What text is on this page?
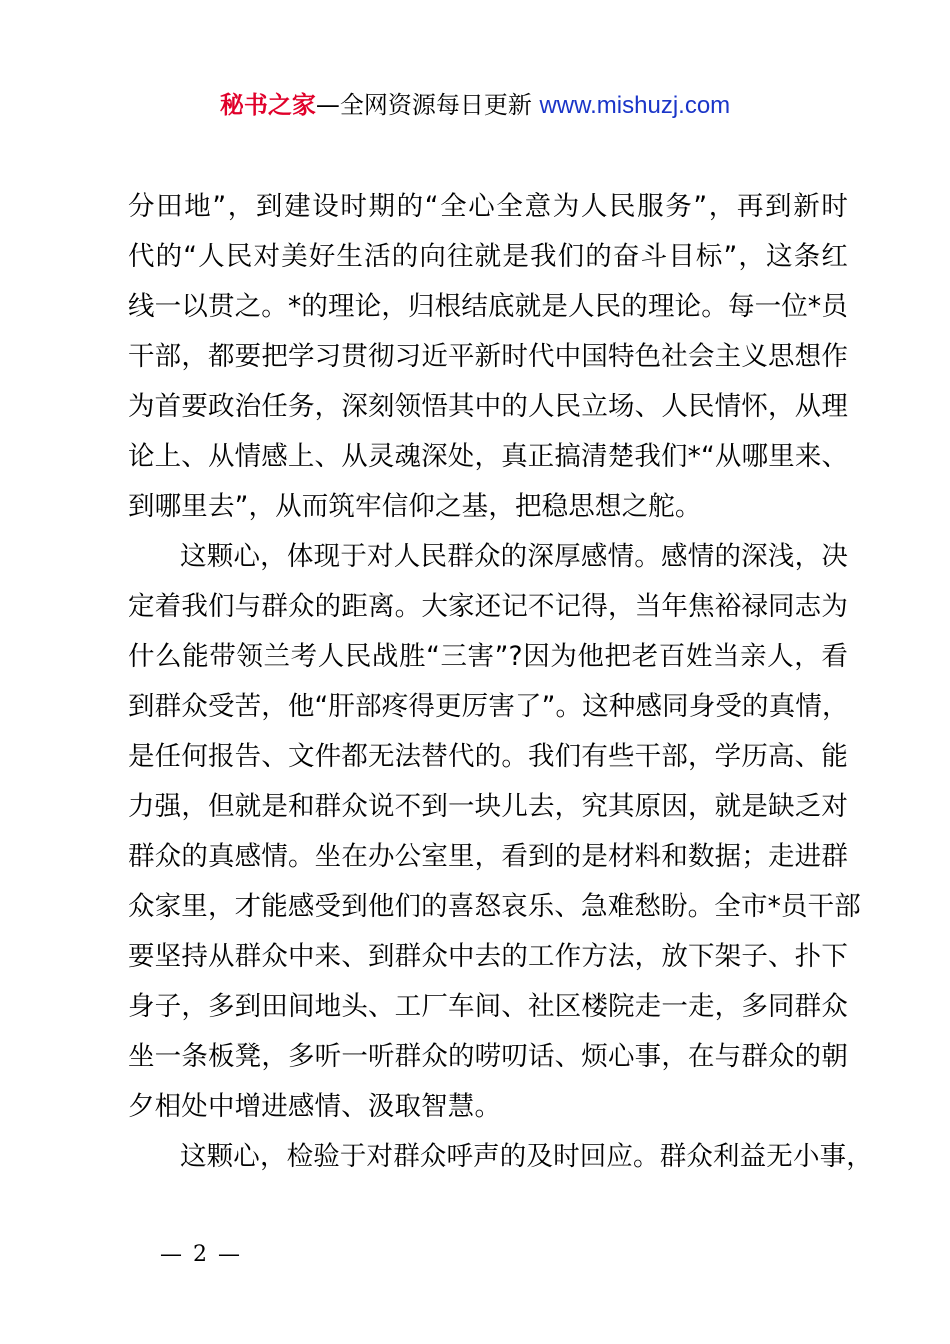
秘书之家—全网资源每日更新 www.mishuzj.com
分田地”，到建设时期的“全心全意为人民服务”，再到新时
代的“人民对美好生活的向往就是我们的奋斗目标”，这条红
线一以贯之。*的理论，归根结底就是人民的理论。每一位*员
干部，都要把学习贯彻习近平新时代中国特色社会主义思想作
为首要政治任务，深刻领悟其中的人民立场、人民情怀，从理
论上、从情感上、从灵魂深处，真正搞清楚我们*“从哪里来、
到哪里去”，从而筑牢信仰之基，把稳思想之舵。
这颗心，体现于对人民群众的深厚感情。感情的深浅，决
定着我们与群众的距离。大家还记不记得，当年焦裕禄同志为
什么能带领兰考人民战胜“三害”?因为他把老百姓当亲人，看
到群众受苦，他“肝部疼得更厉害了”。这种感同身受的真情，
是任何报告、文件都无法替代的。我们有些干部，学历高、能
力强，但就是和群众说不到一块儿去，究其原因，就是缺乏对
群众的真感情。坐在办公室里，看到的是材料和数据；走进群
众家里，才能感受到他们的喜怒哀乐、急难愁盼。全市*员干部
要坚持从群众中来、到群众中去的工作方法，放下架子、扑下
身子，多到田间地头、工厂车间、社区楼院走一走，多同群众
坐一条板凳，多听一听群众的唠叨话、烦心事，在与群众的朝
夕相处中增进感情、汲取智慧。
这颗心，检验于对群众呼声的及时回应。群众利益无小事，
— 2 —
